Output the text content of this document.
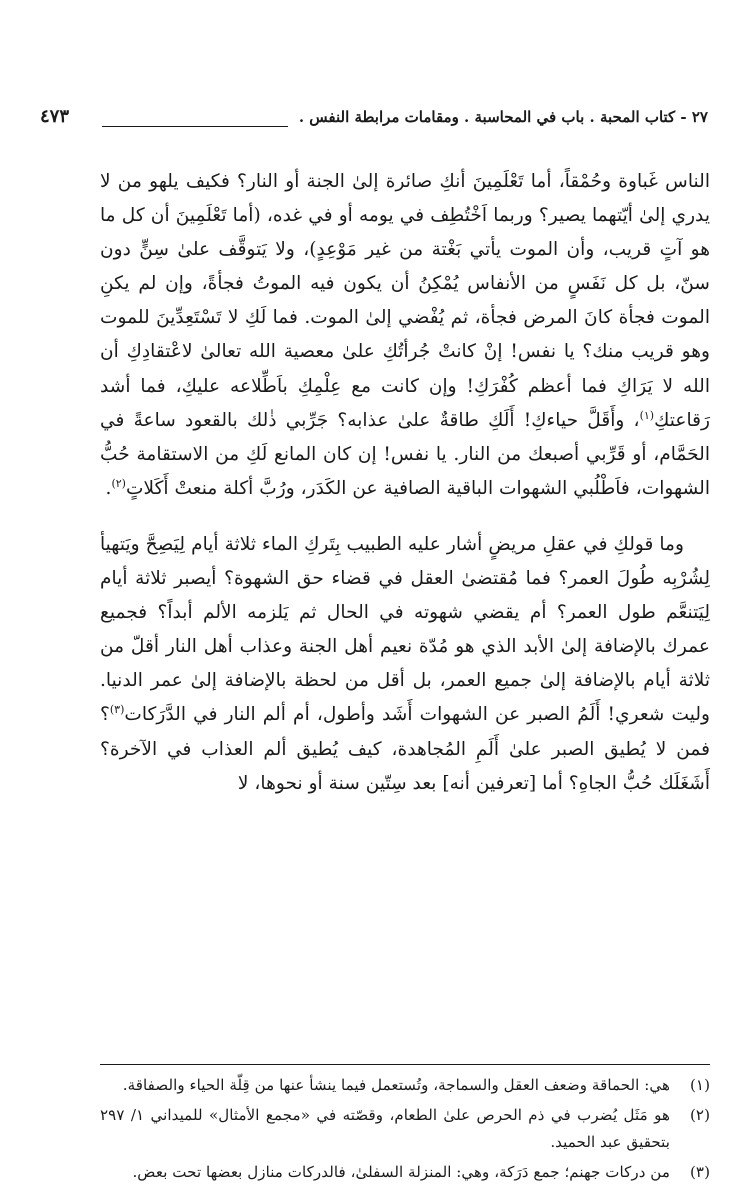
٢٧ - كتاب المحبة . باب في المحاسبة . ومقامات مرابطة النفس .
٤٧٣

الناس غَباوة وحُمْقاً، أما تَعْلَمِينَ أنكِ صائرة إلىٰ الجنة أو النار؟ فكيف يلهو من لا يدري إلىٰ أيّتهما يصير؟ وربما اَخْتُطِف في يومه أو في غده، (أما تَعْلَمِينَ أن كل ما هو آتٍ قريب، وأن الموت يأتي بَغْتة من غير مَوْعِدٍ)، ولا يَتوقَّف علىٰ سِنٍّ دون سنّ، بل كل نَفَسٍ من الأنفاس يُمْكِنُ أن يكون فيه الموتُ فجأةً، وإن لم يكنِ الموت فجأة كانَ المرض فجأة، ثم يُفْضي إلىٰ الموت. فما لَكِ لا تَسْتَعِدِّينَ للموت وهو قريب منك؟ يا نفس! إنْ كانتْ جُرأتُكِ علىٰ معصية الله تعالىٰ لاعْتقادِكِ أن الله لا يَرَاكِ فما أعظم كُفْرَكِ! وإن كانت مع عِلْمِكِ باَطِّلاعه عليكِ، فما أشد رَقاعتكِ$^{(١)}$، وأَقَلَّ حياءكِ! أَلَكِ طاقةٌ علىٰ عذابه؟ جَرِّبي ذٰلك بالقعود ساعةً في الحَمَّام، أو قَرِّبي أصبعك من النار. يا نفس! إن كان المانع لَكِ من الاستقامة حُبُّ الشهوات، فاَطْلُبي الشهوات الباقية الصافية عن الكَدَر، ورُبَّ أكلة منعتْ أَكَلاتٍ$^{(٢)}$.

وما قولكِ في عقلِ مريضٍ أشار عليه الطبيب بِتَركِ الماء ثلاثة أيام لِيَصِحَّ ويَتهيأ لِشُرْبِه طُولَ العمر؟ فما مُقتضىٰ العقل في قضاء حق الشهوة؟ أيصبر ثلاثة أيام لِيَتنعَّم طول العمر؟ أم يقضي شهوته في الحال ثم يَلزمه الألم أبداً؟ فجميع عمرك بالإضافة إلىٰ الأبد الذي هو مُدّة نعيم أهل الجنة وعذاب أهل النار أقلّ من ثلاثة أيام بالإضافة إلىٰ جميع العمر، بل أقل من لحظة بالإضافة إلىٰ عمر الدنيا. وليت شعري! أَلَمُ الصبر عن الشهوات أَشَد وأطول، أم ألم النار في الدَّرَكات$^{(٣)}$؟ فمن لا يُطيق الصبر علىٰ أَلَمِ المُجاهدة، كيف يُطيق ألم العذاب في الآخرة؟ أَشَغَلَك حُبُّ الجاهِ؟ أما [تعرفين أنه] بعد سِتّين سنة أو نحوها، لا

(١)
هي: الحماقة وضعف العقل والسماجة، وتُستعمل فيما ينشأ عنها من قِلّة الحياء والصفاقة.

(٢)
هو مَثَل يُضرب في ذم الحرص علىٰ الطعام، وقصّته في «مجمع الأمثال» للميداني ١/ ٢٩٧ بتحقيق عبد الحميد.

(٣)
من دركات جهنم؛ جمع دَرَكة، وهي: المنزلة السفلىٰ، فالدركات منازل بعضها تحت بعض.
